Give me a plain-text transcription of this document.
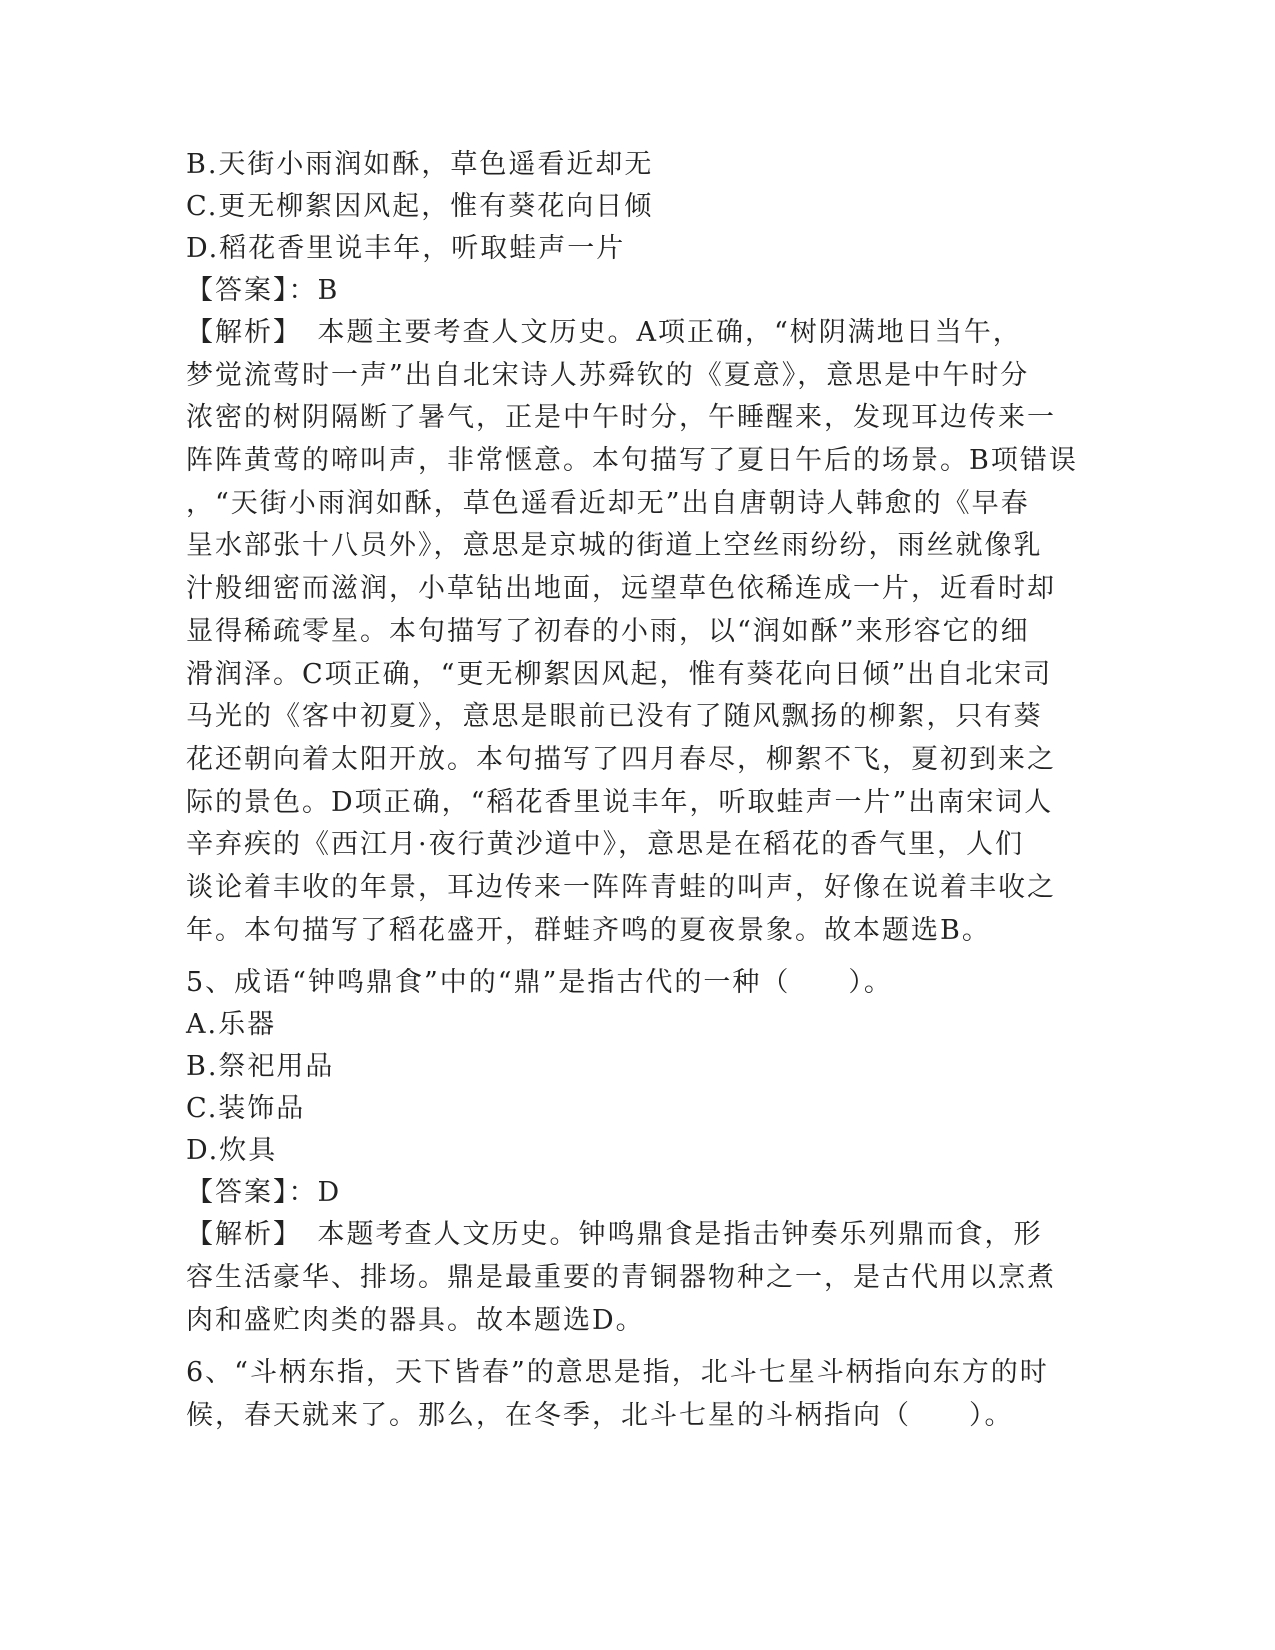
B.天街小雨润如酥，草色遥看近却无
C.更无柳絮因风起，惟有葵花向日倾
D.稻花香里说丰年，听取蛙声一片
【答案】：B
【解析】　本题主要考查人文历史。A项正确，“树阴满地日当午，
梦觉流莺时一声”出自北宋诗人苏舜钦的《夏意》，意思是中午时分
浓密的树阴隔断了暑气，正是中午时分，午睡醒来，发现耳边传来一
阵阵黄莺的啼叫声，非常惬意。本句描写了夏日午后的场景。B项错误
，“天街小雨润如酥，草色遥看近却无”出自唐朝诗人韩愈的《早春
呈水部张十八员外》，意思是京城的街道上空丝雨纷纷，雨丝就像乳
汁般细密而滋润，小草钻出地面，远望草色依稀连成一片，近看时却
显得稀疏零星。本句描写了初春的小雨，以“润如酥”来形容它的细
滑润泽。C项正确，“更无柳絮因风起，惟有葵花向日倾”出自北宋司
马光的《客中初夏》，意思是眼前已没有了随风飘扬的柳絮，只有葵
花还朝向着太阳开放。本句描写了四月春尽，柳絮不飞，夏初到来之
际的景色。D项正确，“稻花香里说丰年，听取蛙声一片”出南宋词人
辛弃疾的《西江月·夜行黄沙道中》，意思是在稻花的香气里，人们
谈论着丰收的年景，耳边传来一阵阵青蛙的叫声，好像在说着丰收之
年。本句描写了稻花盛开，群蛙齐鸣的夏夜景象。故本题选B。
5、成语“钟鸣鼎食”中的“鼎”是指古代的一种（　　）。
A.乐器
B.祭祀用品
C.装饰品
D.炊具
【答案】：D
【解析】　本题考查人文历史。钟鸣鼎食是指击钟奏乐列鼎而食，形
容生活豪华、排场。鼎是最重要的青铜器物种之一，是古代用以烹煮
肉和盛贮肉类的器具。故本题选D。
6、“斗柄东指，天下皆春”的意思是指，北斗七星斗柄指向东方的时
候，春天就来了。那么，在冬季，北斗七星的斗柄指向（　　）。
